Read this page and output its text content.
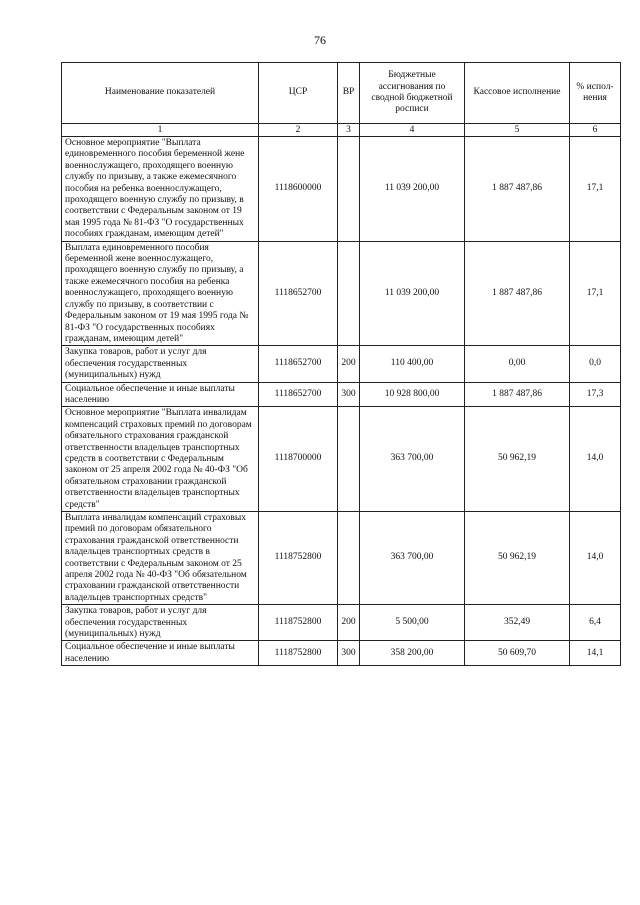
76
Наименование показателей	ЦСР	ВР	Бюджетные ассигнования по сводной бюджетной росписи	Кассовое исполнение	% испол-нения
1	2	3	4	5	6
Основное мероприятие "Выплата единовременного пособия беременной жене военнослужащего, проходящего военную службу по призыву, а также ежемесячного пособия на ребенка военнослужащего, проходящего военную службу по призыву, в соответствии с Федеральным законом от 19 мая 1995 года № 81-ФЗ "О государственных пособиях гражданам, имеющим детей"	1118600000		11 039 200,00	1 887 487,86	17,1
Выплата единовременного пособия беременной жене военнослужащего, проходящего военную службу по призыву, а также ежемесячного пособия на ребенка военнослужащего, проходящего военную службу по призыву, в соответствии с Федеральным законом от 19 мая 1995 года № 81-ФЗ "О государственных пособиях гражданам, имеющим детей"	1118652700		11 039 200,00	1 887 487,86	17,1
Закупка товаров, работ и услуг для обеспечения государственных (муниципальных) нужд	1118652700	200	110 400,00	0,00	0,0
Социальное обеспечение и иные выплаты населению	1118652700	300	10 928 800,00	1 887 487,86	17,3
Основное мероприятие "Выплата инвалидам компенсаций страховых премий по договорам обязательного страхования гражданской ответственности владельцев транспортных средств в соответствии с Федеральным законом от 25 апреля 2002 года № 40-ФЗ "Об обязательном страховании гражданской ответственности владельцев транспортных средств"	1118700000		363 700,00	50 962,19	14,0
Выплата инвалидам компенсаций страховых премий по договорам обязательного страхования гражданской ответственности владельцев транспортных средств в соответствии с Федеральным законом от 25 апреля 2002 года № 40-ФЗ "Об обязательном страховании гражданской ответственности владельцев транспортных средств"	1118752800		363 700,00	50 962,19	14,0
Закупка товаров, работ и услуг для обеспечения государственных (муниципальных) нужд	1118752800	200	5 500,00	352,49	6,4
Социальное обеспечение и иные выплаты населению	1118752800	300	358 200,00	50 609,70	14,1
